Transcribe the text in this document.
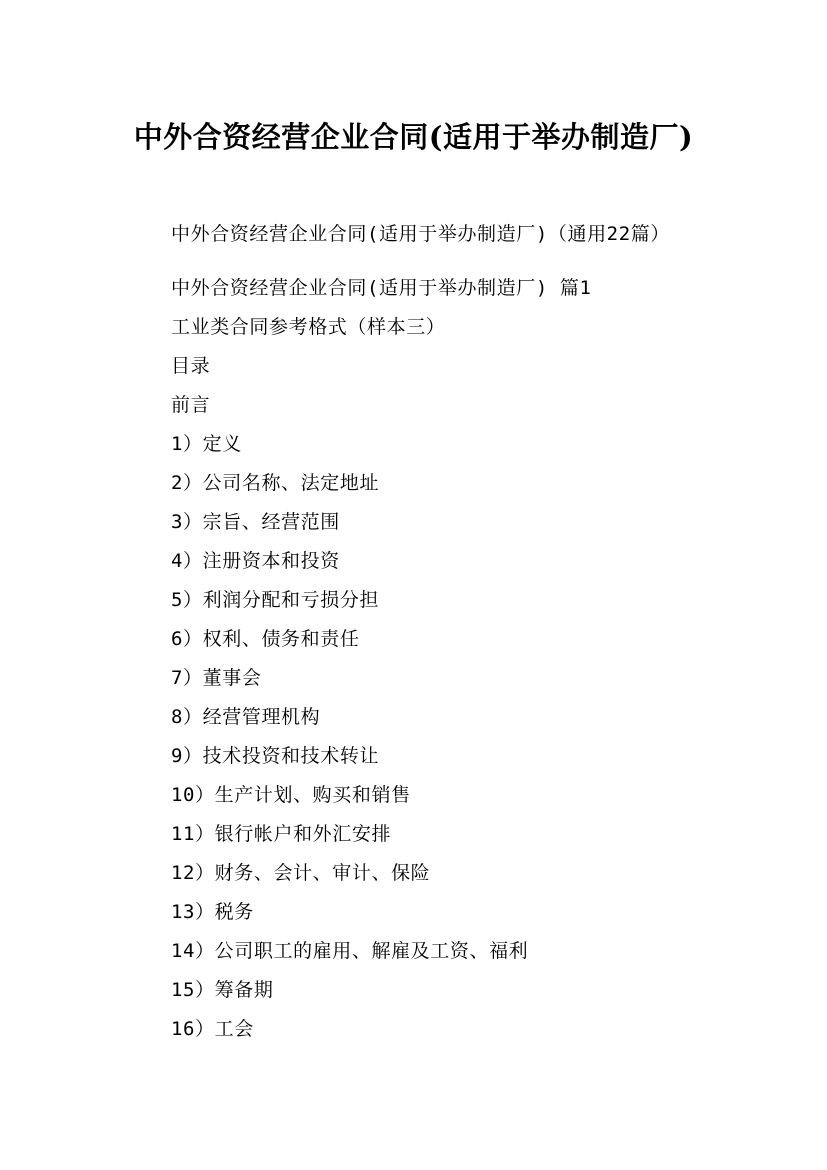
中外合资经营企业合同(适用于举办制造厂)

中外合资经营企业合同(适用于举办制造厂)（通用22篇）

中外合资经营企业合同(适用于举办制造厂) 篇1
工业类合同参考格式（样本三）
目录
前言
1）定义
2）公司名称、法定地址
3）宗旨、经营范围
4）注册资本和投资
5）利润分配和亏损分担
6）权利、债务和责任
7）董事会
8）经营管理机构
9）技术投资和技术转让
10）生产计划、购买和销售
11）银行帐户和外汇安排
12）财务、会计、审计、保险
13）税务
14）公司职工的雇用、解雇及工资、福利
15）筹备期
16）工会
